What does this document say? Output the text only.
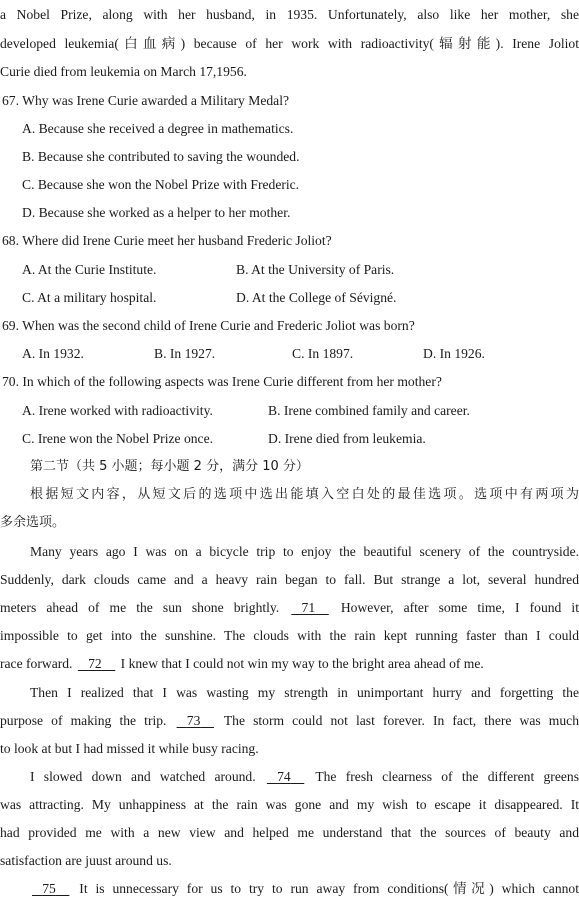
a Nobel Prize, along with her husband, in 1935. Unfortunately, also like her mother, she
developed leukemia(白血病) because of her work with radioactivity(辐射能). Irene Joliot
Curie died from leukemia on March 17,1956.
67. Why was Irene Curie awarded a Military Medal?
A. Because she received a degree in mathematics.
B. Because she contributed to saving the wounded.
C. Because she won the Nobel Prize with Frederic.
D. Because she worked as a helper to her mother.
68. Where did Irene Curie meet her husband Frederic Joliot?
A. At the Curie Institute.	B. At the University of Paris.
C. At a military hospital.	D. At the College of Sévigné.
69. When was the second child of Irene Curie and Frederic Joliot was born?
A. In 1932.	B. In 1927.	C. In 1897.	D. In 1926.
70. In which of the following aspects was Irene Curie different from her mother?
A. Irene worked with radioactivity.	B. Irene combined family and career.
C. Irene won the Nobel Prize once.	D. Irene died from leukemia.
第二节（共 5 小题；每小题 2 分，满分 10 分）
根据短文内容，从短文后的选项中选出能填入空白处的最佳选项。选项中有两项为
多余选项。
Many years ago I was on a bicycle trip to enjoy the beautiful scenery of the countryside.
Suddenly, dark clouds came and a heavy rain began to fall. But strange a lot, several hundred
meters ahead of me the sun shone brightly. 71 However, after some time, I found it
impossible to get into the sunshine. The clouds with the rain kept running faster than I could
race forward. 72 I knew that I could not win my way to the bright area ahead of me.
Then I realized that I was wasting my strength in unimportant hurry and forgetting the
purpose of making the trip. 73 The storm could not last forever. In fact, there was much
to look at but I had missed it while busy racing.
I slowed down and watched around. 74 The fresh clearness of the different greens
was attracting. My unhappiness at the rain was gone and my wish to escape it disappeared. It
had provided me with a new view and helped me understand that the sources of beauty and
satisfaction are juust around us.
75 It is unnecessary for us to try to run away from conditions(情况) which cannot
